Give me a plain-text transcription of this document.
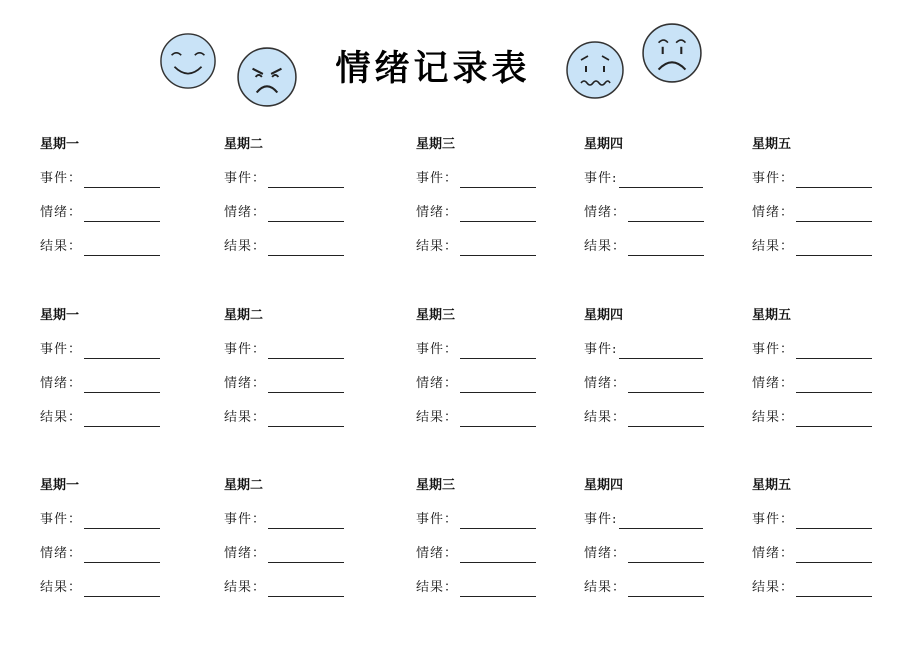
情绪记录表
星期一
事件：
情绪：
结果：
星期二
事件：
情绪：
结果：
星期三
事件：
情绪：
结果：
星期四
事件:
情绪：
结果：
星期五
事件：
情绪：
结果：
星期一
事件：
情绪：
结果：
星期二
事件：
情绪：
结果：
星期三
事件：
情绪：
结果：
星期四
事件:
情绪：
结果：
星期五
事件：
情绪：
结果：
星期一
事件：
情绪：
结果：
星期二
事件：
情绪：
结果：
星期三
事件：
情绪：
结果：
星期四
事件:
情绪：
结果：
星期五
事件：
情绪：
结果：
